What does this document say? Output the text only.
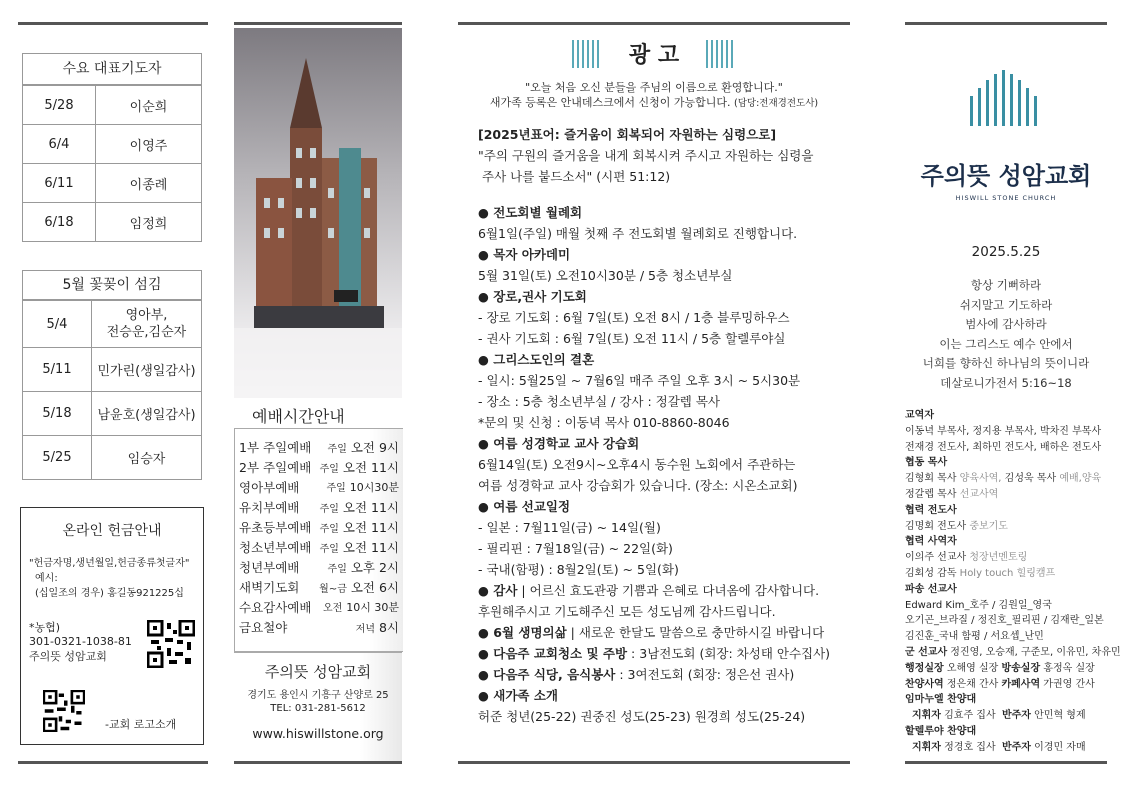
수요 대표기도자
5/28	이순희
6/4	이영주
6/11	이종례
6/18	임정희
5월 꽃꽂이 섬김
5/4	영아부,
전승운,김순자
5/11	민가린(생일감사)
5/18	남윤호(생일감사)
5/25	임승자
온라인 헌금안내
"헌금자명,생년월일,헌금종류첫글자"
예시:
(십일조의 경우) 홍길동921225십
*농협)
301-0321-1038-81
주의뜻 성암교회
-교회 로고소개
예배시간안내
1부 주일예배	주일 오전 9시
2부 주일예배	주일 오전 11시
영아부예배	주일 10시30분
유치부예배	주일 오전 11시
유초등부예배	주일 오전 11시
청소년부예배	주일 오전 11시
청년부예배	주일 오후 2시
새벽기도회	월~금 오전 6시
수요감사예배	오전 10시 30분
금요철야	저녁 8시
주의뜻 성암교회
경기도 용인시 기흥구 산양로 25
TEL: 031-281-5612
www.hiswillstone.org
광 고
"오늘 처음 오신 분들을 주님의 이름으로 환영합니다."
새가족 등록은 안내데스크에서 신청이 가능합니다. (담당:전재경전도사)
[2025년표어: 즐거움이 회복되어 자원하는 심령으로]
"주의 구원의 즐거움을 내게 회복시켜 주시고 자원하는 심령을
주사 나를 붙드소서" (시편 51:12)
● 전도회별 월례회
6월1일(주일) 매월 첫째 주 전도회별 월례회로 진행합니다.
● 목자 아카데미
5월 31일(토) 오전10시30분 / 5층 청소년부실
● 장로,권사 기도회
- 장로 기도회 : 6월 7일(토) 오전 8시 / 1층 블루밍하우스
- 권사 기도회 : 6월 7일(토) 오전 11시 / 5층 할렐루야실
● 그리스도인의 결혼
- 일시: 5월25일 ~ 7월6일 매주 주일 오후 3시 ~ 5시30분
- 장소 : 5층 청소년부실 / 강사 : 정갈렙 목사
*문의 및 신청 : 이동녁 목사 010-8860-8046
● 여름 성경학교 교사 강습회
6월14일(토) 오전9시~오후4시 동수원 노회에서 주관하는
여름 성경학교 교사 강습회가 있습니다. (장소: 시온소교회)
● 여름 선교일정
- 일본 : 7월11일(금) ~ 14일(월)
- 필리핀 : 7월18일(금) ~ 22일(화)
- 국내(함평) : 8월2일(토) ~ 5일(화)
● 감사 | 어르신 효도관광 기쁨과 은혜로 다녀옴에 감사합니다.
후원해주시고 기도해주신 모든 성도님께 감사드립니다.
● 6월 생명의삶 | 새로운 한달도 말씀으로 충만하시길 바랍니다
● 다음주 교회청소 및 주방 : 3남전도회 (회장: 차성태 안수집사)
● 다음주 식당, 음식봉사 : 3여전도회 (회장: 정은선 권사)
● 새가족 소개
허준 청년(25-22) 권중진 성도(25-23) 원경희 성도(25-24)
주의뜻 성암교회
HISWILL STONE CHURCH
2025.5.25
항상 기뻐하라
쉬지말고 기도하라
범사에 감사하라
이는 그리스도 예수 안에서
너희를 향하신 하나님의 뜻이니라
데살로니가전서 5:16~18
교역자
이동녁 부목사, 정지용 부목사, 박차진 부목사
전재경 전도사, 최하민 전도사, 배하은 전도사
협동 목사
김형회 목사 양육사역, 김성욱 목사 예배,양육
정갈렙 목사 선교사역
협력 전도사
김명회 전도사 중보기도
협력 사역자
이의주 선교사 청장년멘토링
김회성 감독 Holy touch 힐링캠프
파송 선교사
Edward Kim_호주 / 김원일_영국
오기곤_브라질 / 정진호_필리핀 / 김재란_일본
김진훈_국내 함평 / 서요셉_난민
군 선교사 정진영, 오승재, 구준모, 이유민, 차유민
행정실장 오해영 실장 방송실장 홍정옥 실장
찬양사역 정은채 간사 카페사역 가권영 간사
임마누엘 찬양대
지휘자 김효주 집사  반주자 안민혁 형제
할렐루야 찬양대
지휘자 정경호 집사  반주자 이경민 자매
